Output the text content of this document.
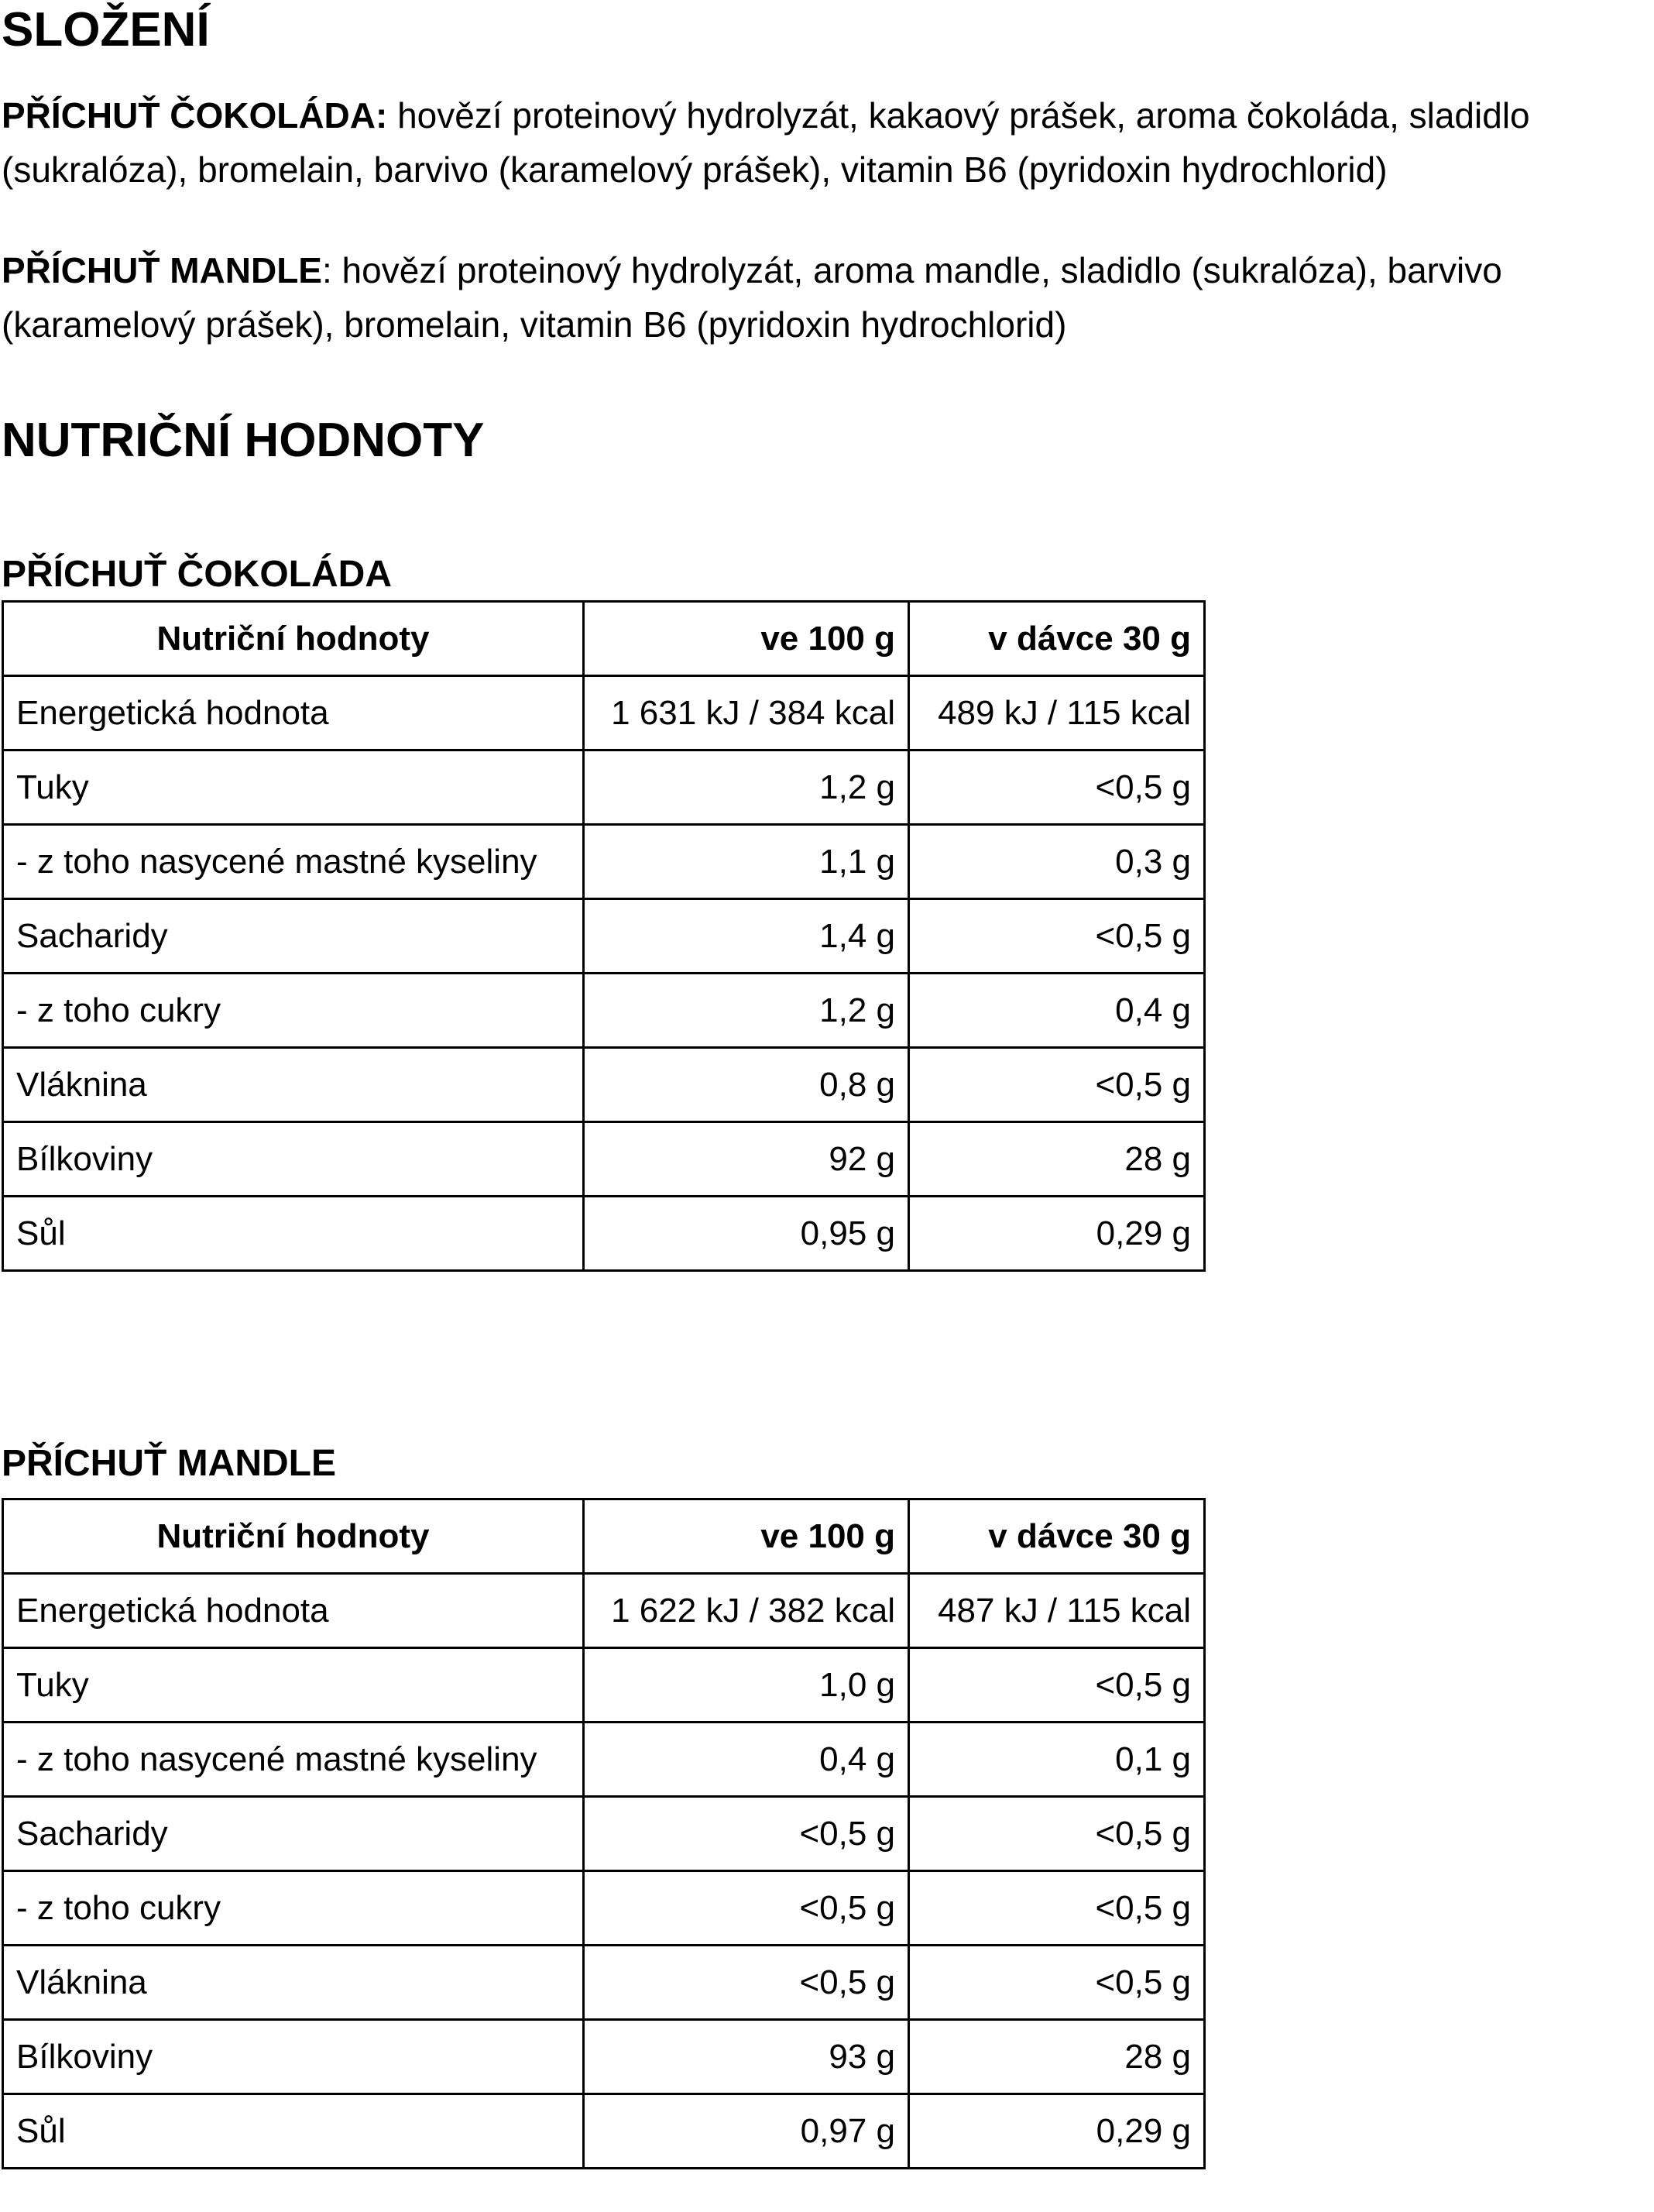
SLOŽENÍ

PŘÍCHUŤ ČOKOLÁDA: hovězí proteinový hydrolyzát, kakaový prášek, aroma čokoláda, sladidlo (sukralóza), bromelain, barvivo (karamelový prášek), vitamin B6 (pyridoxin hydrochlorid)

PŘÍCHUŤ MANDLE: hovězí proteinový hydrolyzát, aroma mandle, sladidlo (sukralóza), barvivo (karamelový prášek), bromelain, vitamin B6 (pyridoxin hydrochlorid)

NUTRIČNÍ HODNOTY
PŘÍCHUŤ ČOKOLÁDA
Nutriční hodnoty	ve 100 g	v dávce 30 g
Energetická hodnota	1 631 kJ / 384 kcal	489 kJ / 115 kcal
Tuky	1,2 g	<0,5 g
- z toho nasycené mastné kyseliny	1,1 g	0,3 g
Sacharidy	1,4 g	<0,5 g
- z toho cukry	1,2 g	0,4 g
Vláknina	0,8 g	<0,5 g
Bílkoviny	92 g	28 g
Sůl	0,95 g	0,29 g
PŘÍCHUŤ MANDLE
Nutriční hodnoty	ve 100 g	v dávce 30 g
Energetická hodnota	1 622 kJ / 382 kcal	487 kJ / 115 kcal
Tuky	1,0 g	<0,5 g
- z toho nasycené mastné kyseliny	0,4 g	0,1 g
Sacharidy	<0,5 g	<0,5 g
- z toho cukry	<0,5 g	<0,5 g
Vláknina	<0,5 g	<0,5 g
Bílkoviny	93 g	28 g
Sůl	0,97 g	0,29 g
